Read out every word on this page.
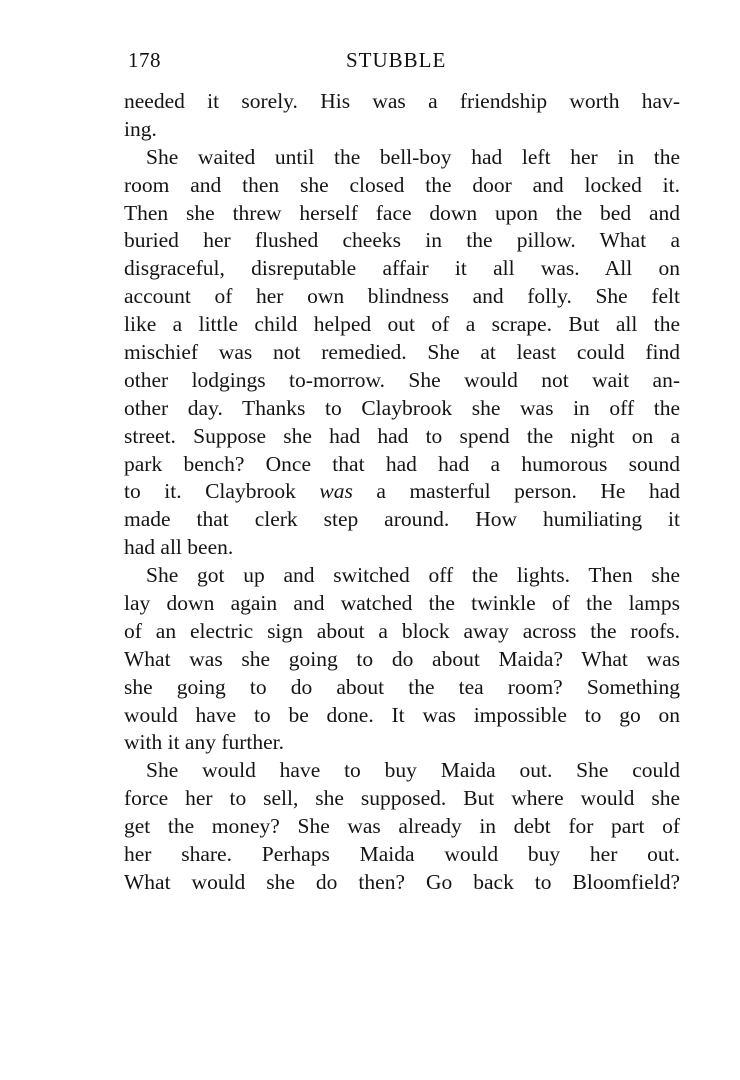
178	STUBBLE
needed it sorely. His was a friendship worth hav-
ing.
She waited until the bell-boy had left her in the
room and then she closed the door and locked it.
Then she threw herself face down upon the bed and
buried her flushed cheeks in the pillow. What a
disgraceful, disreputable affair it all was. All on
account of her own blindness and folly. She felt
like a little child helped out of a scrape. But all the
mischief was not remedied. She at least could find
other lodgings to-morrow. She would not wait an-
other day. Thanks to Claybrook she was in off the
street. Suppose she had had to spend the night on a
park bench? Once that had had a humorous sound
to it. Claybrook was a masterful person. He had
made that clerk step around. How humiliating it
had all been.
She got up and switched off the lights. Then she
lay down again and watched the twinkle of the lamps
of an electric sign about a block away across the roofs.
What was she going to do about Maida? What was
she going to do about the tea room? Something
would have to be done. It was impossible to go on
with it any further.
She would have to buy Maida out. She could
force her to sell, she supposed. But where would she
get the money? She was already in debt for part of
her share. Perhaps Maida would buy her out.
What would she do then? Go back to Bloomfield?
